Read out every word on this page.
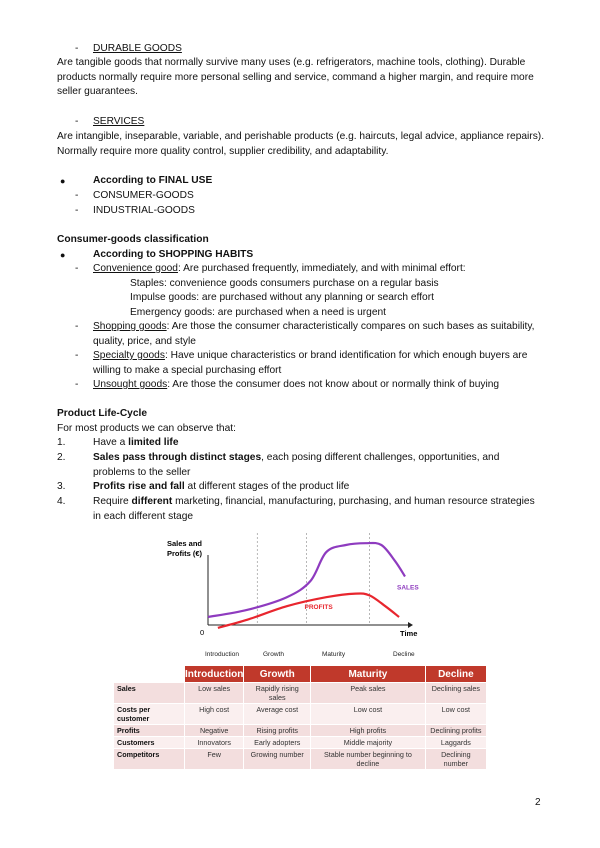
- DURABLE GOODS
Are tangible goods that normally survive many uses (e.g. refrigerators, machine tools, clothing). Durable products normally require more personal selling and service, command a higher margin, and require more seller guarantees.
- SERVICES
Are intangible, inseparable, variable, and perishable products (e.g. haircuts, legal advice, appliance repairs). Normally require more quality control, supplier credibility, and adaptability.
●	According to FINAL USE
- CONSUMER-GOODS
- INDUSTRIAL-GOODS
Consumer-goods classification
●	According to SHOPPING HABITS
- Convenience good: Are purchased frequently, immediately, and with minimal effort:
Staples: convenience goods consumers purchase on a regular basis
Impulse goods: are purchased without any planning or search effort
Emergency goods: are purchased when a need is urgent
- Shopping goods: Are those the consumer characteristically compares on such bases as suitability, quality, price, and style
- Specialty goods: Have unique characteristics or brand identification for which enough buyers are willing to make a special purchasing effort
- Unsought goods: Are those the consumer does not know about or normally think of buying
Product Life-Cycle
For most products we can observe that:
1.	Have a limited life
2.	Sales pass through distinct stages, each posing different challenges, opportunities, and problems to the seller
3.	Profits rise and fall at different stages of the product life
4.	Require different marketing, financial, manufacturing, purchasing, and human resource strategies in each different stage
Sales and
Profits (€)
0	Time
SALES
PROFITS
Introduction	Growth	Maturity	Decline
	Introduction	Growth	Maturity	Decline
Sales	Low sales	Rapidly rising sales	Peak sales	Declining sales
Costs per customer	High cost	Average cost	Low cost	Low cost
Profits	Negative	Rising profits	High profits	Declining profits
Customers	Innovators	Early adopters	Middle majority	Laggards
Competitors	Few	Growing number	Stable number beginning to decline	Declining number
2
